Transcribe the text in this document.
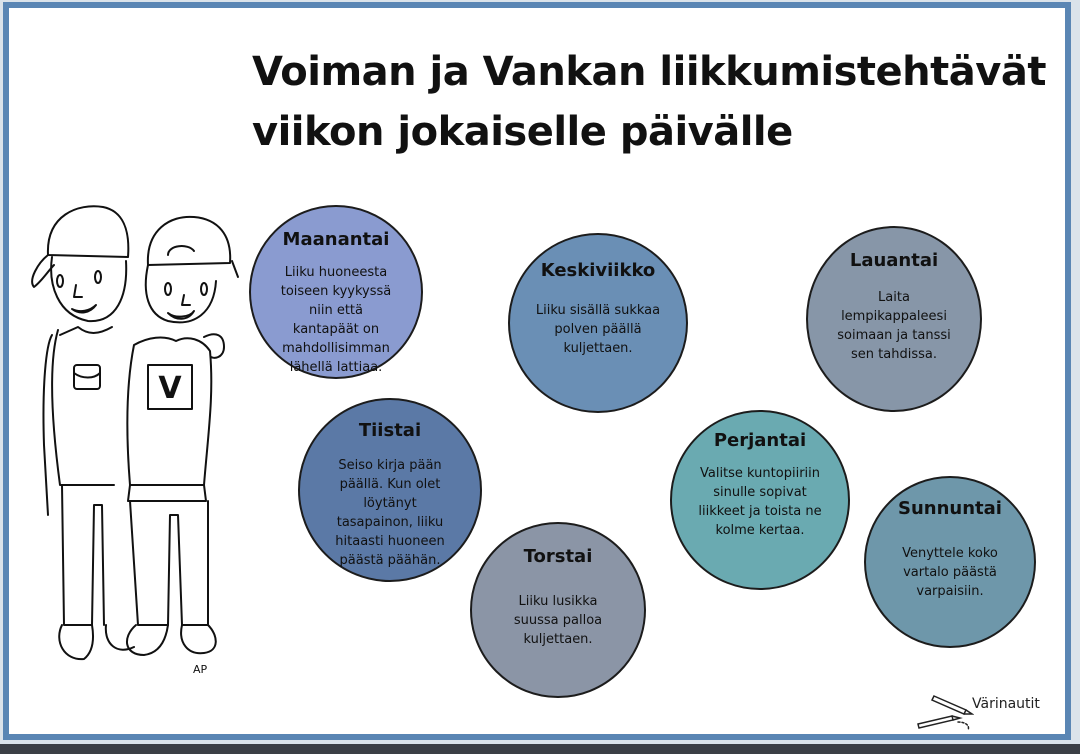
Voiman ja Vankan liikkumistehtävät
viikon jokaiselle päivälle
V
AP
Maanantai
Liiku huoneesta toiseen kyykyssä niin että kantapäät on mahdollisimman lähellä lattiaa.
Tiistai
Seiso kirja pään päällä. Kun olet löytänyt tasapainon, liiku hitaasti huoneen päästä päähän.
Keskiviikko
Liiku sisällä sukkaa polven päällä kuljettaen.
Torstai
Liiku lusikka suussa palloa kuljettaen.
Perjantai
Valitse kuntopiiriin sinulle sopivat liikkeet ja toista ne kolme kertaa.
Lauantai
Laita lempikappaleesi soimaan ja tanssi sen tahdissa.
Sunnuntai
Venyttele koko vartalo päästä varpaisiin.
Värinautit
